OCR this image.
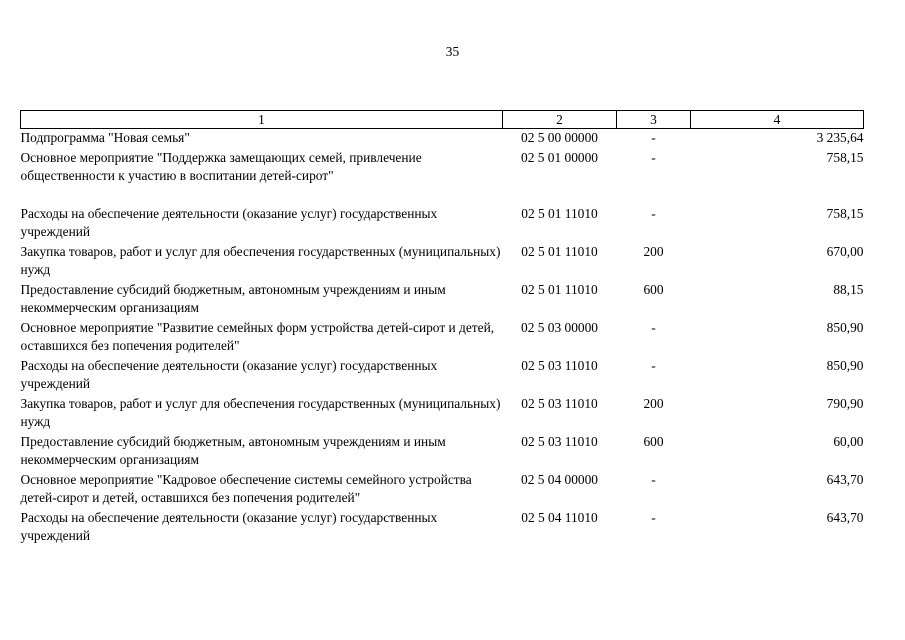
35
1	2	3	4
Подпрограмма "Новая семья"	02 5 00 00000	-	3 235,64
Основное мероприятие "Поддержка замещающих семей, привлечение общественности к участию в воспитании детей-сирот"	02 5 01 00000	-	758,15
Расходы на обеспечение деятельности (оказание услуг) государственных учреждений	02 5 01 11010	-	758,15
Закупка товаров, работ и услуг для обеспечения государственных (муниципальных) нужд	02 5 01 11010	200	670,00
Предоставление субсидий бюджетным, автономным учреждениям и иным некоммерческим организациям	02 5 01 11010	600	88,15
Основное мероприятие "Развитие семейных форм устройства детей-сирот и детей, оставшихся без попечения родителей"	02 5 03 00000	-	850,90
Расходы на обеспечение деятельности (оказание услуг) государственных учреждений	02 5 03 11010	-	850,90
Закупка товаров, работ и услуг для обеспечения государственных (муниципальных) нужд	02 5 03 11010	200	790,90
Предоставление субсидий бюджетным, автономным учреждениям и иным некоммерческим организациям	02 5 03 11010	600	60,00
Основное мероприятие "Кадровое обеспечение системы семейного устройства детей-сирот и детей, оставшихся без попечения родителей"	02 5 04 00000	-	643,70
Расходы на обеспечение деятельности (оказание услуг) государственных учреждений	02 5 04 11010	-	643,70
